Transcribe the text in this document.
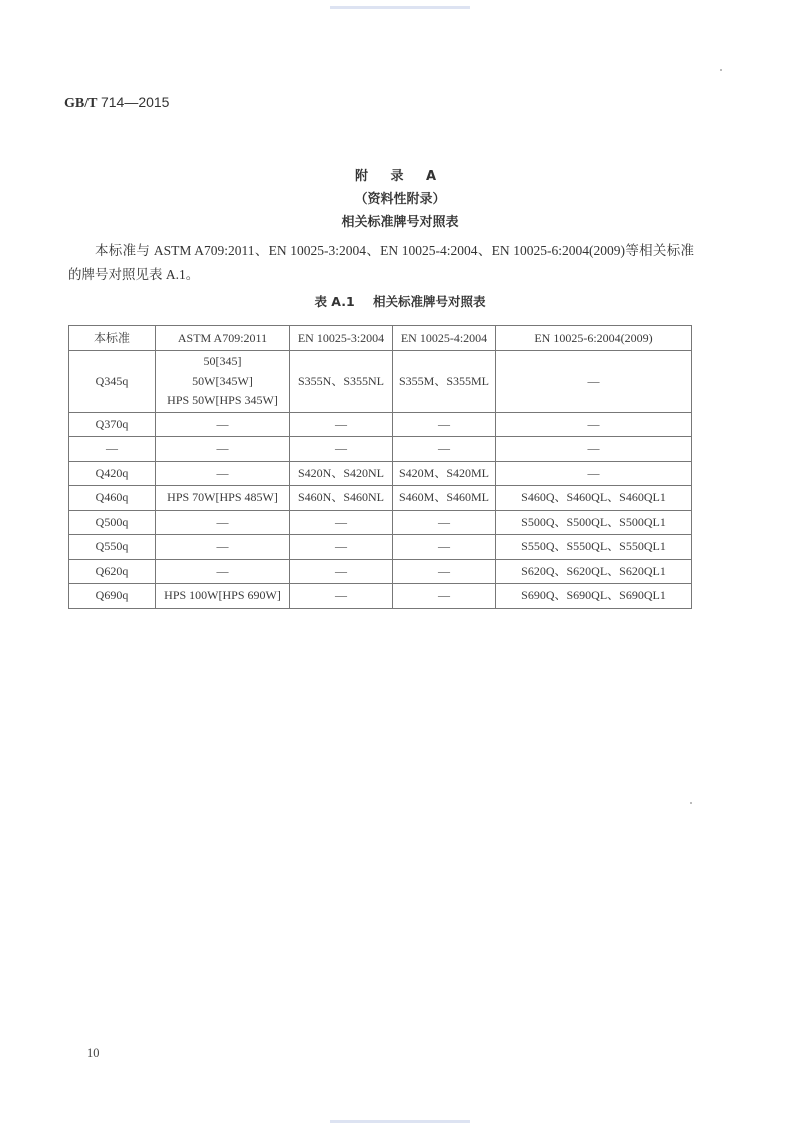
GB/T 714—2015
附 录 A
（资料性附录）
相关标准牌号对照表

本标准与 ASTM A709:2011、EN 10025-3:2004、EN 10025-4:2004、EN 10025-6:2004(2009)等相关标准的牌号对照见表 A.1。

表 A.1 相关标准牌号对照表
本标准	ASTM A709:2011	EN 10025-3:2004	EN 10025-4:2004	EN 10025-6:2004(2009)
Q345q	50[345]
50W[345W]
HPS 50W[HPS 345W]	S355N、S355NL	S355M、S355ML	—
Q370q	—	—	—	—
—	—	—	—	—
Q420q	—	S420N、S420NL	S420M、S420ML	—
Q460q	HPS 70W[HPS 485W]	S460N、S460NL	S460M、S460ML	S460Q、S460QL、S460QL1
Q500q	—	—	—	S500Q、S500QL、S500QL1
Q550q	—	—	—	S550Q、S550QL、S550QL1
Q620q	—	—	—	S620Q、S620QL、S620QL1
Q690q	HPS 100W[HPS 690W]	—	—	S690Q、S690QL、S690QL1
10
